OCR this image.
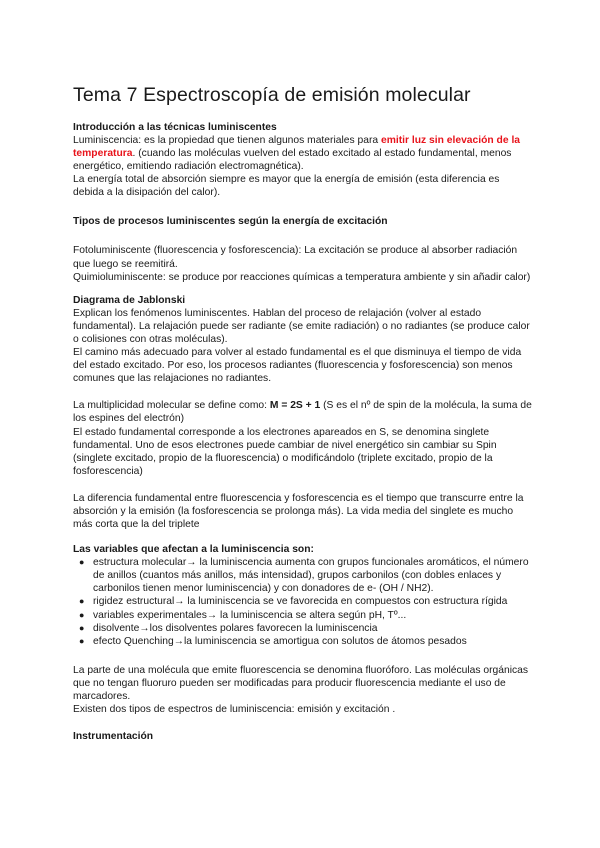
Tema 7 Espectroscopía de emisión molecular
Introducción a las técnicas luminiscentes

Luminiscencia: es la propiedad que tienen algunos materiales para emitir luz sin elevación de la temperatura. (cuando las moléculas vuelven del estado excitado al estado fundamental, menos energético, emitiendo radiación electromagnética).

La energía total de absorción siempre es mayor que la energía de emisión (esta diferencia es debida a la disipación del calor).

Tipos de procesos luminiscentes según la energía de excitación

Fotoluminiscente (fluorescencia y fosforescencia): La excitación se produce al absorber radiación que luego se reemitirá.

Quimioluminiscente: se produce por reacciones químicas a temperatura ambiente y sin añadir calor)

Diagrama de Jablonski

Explican los fenómenos luminiscentes. Hablan del proceso de relajación (volver al estado fundamental). La relajación puede ser radiante (se emite radiación) o no radiantes (se produce calor o colisiones con otras moléculas).

El camino más adecuado para volver al estado fundamental es el que disminuya el tiempo de vida del estado excitado. Por eso, los procesos radiantes (fluorescencia y fosforescencia) son menos comunes que las relajaciones no radiantes.

La multiplicidad molecular se define como: M = 2S + 1 (S es el nº de spin de la molécula, la suma de los espines del electrón)

El estado fundamental corresponde a los electrones apareados en S, se denomina singlete fundamental. Uno de esos electrones puede cambiar de nivel energético sin cambiar su Spin (singlete excitado, propio de la fluorescencia) o modificándolo (triplete excitado, propio de la fosforescencia)

La diferencia fundamental entre fluorescencia y fosforescencia es el tiempo que transcurre entre la absorción y la emisión (la fosforescencia se prolonga más). La vida media del singlete es mucho más corta que la del triplete

Las variables que afectan a la luminiscencia son:
● estructura molecular→ la luminiscencia aumenta con grupos funcionales aromáticos, el número de anillos (cuantos más anillos, más intensidad), grupos carbonilos (con dobles enlaces y carbonilos tienen menor luminiscencia) y con donadores de e- (OH / NH2).
● rigidez estructural→ la luminiscencia se ve favorecida en compuestos con estructura rígida
● variables experimentales→ la luminiscencia se altera según pH, Tº...
● disolvente→los disolventes polares favorecen la luminiscencia
● efecto Quenching→la luminiscencia se amortigua con solutos de átomos pesados

La parte de una molécula que emite fluorescencia se denomina fluoróforo. Las moléculas orgánicas que no tengan fluoruro pueden ser modificadas para producir fluorescencia mediante el uso de marcadores.

Existen dos tipos de espectros de luminiscencia: emisión y excitación .

Instrumentación
